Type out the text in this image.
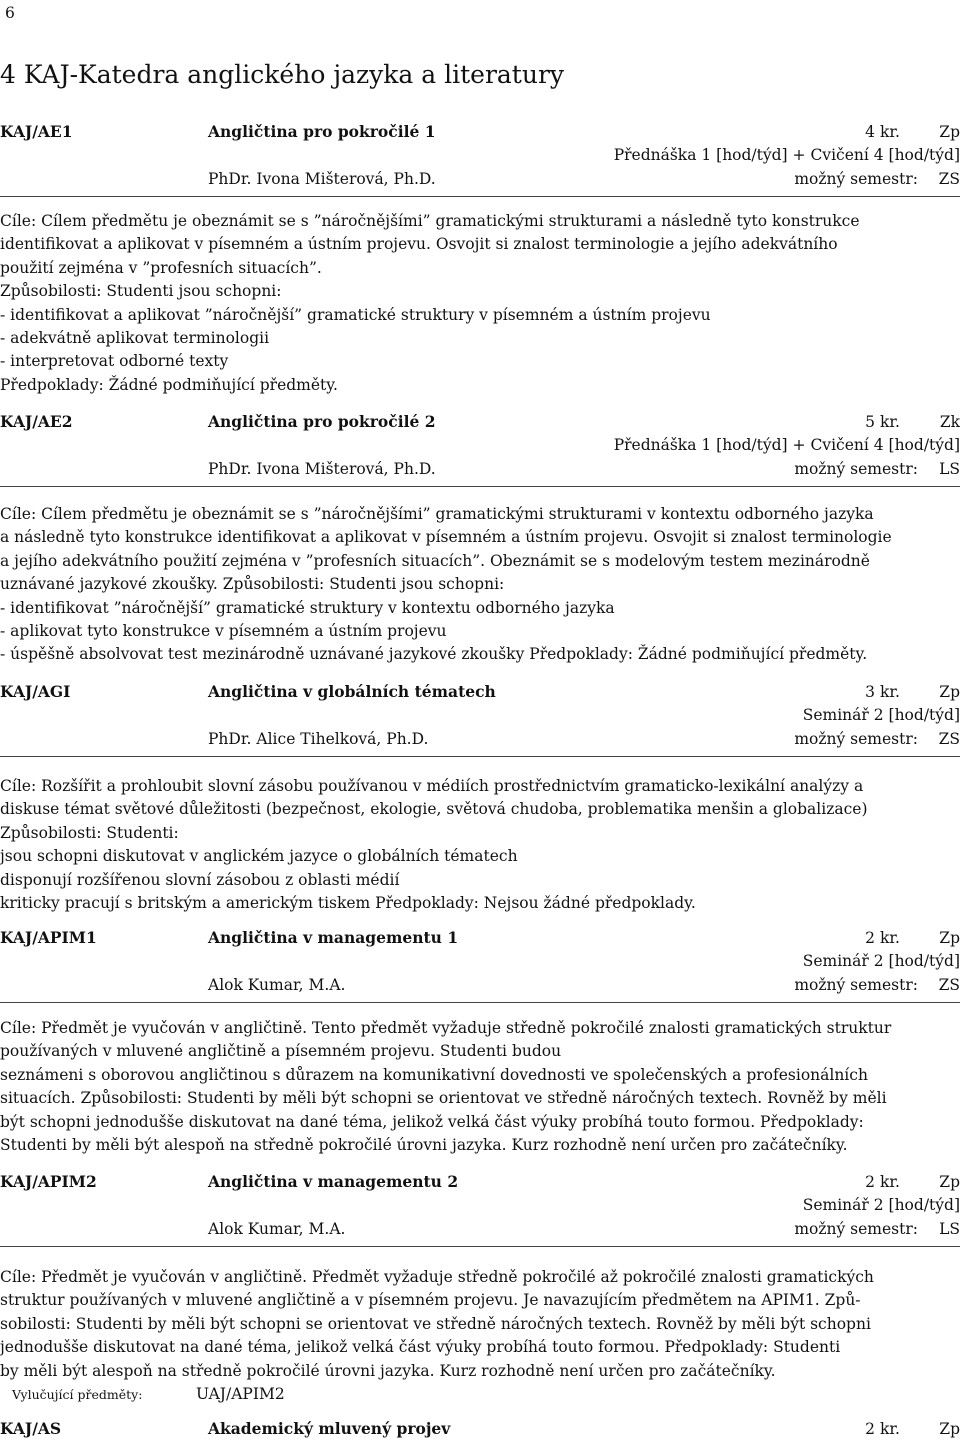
6
4 KAJ-Katedra anglického jazyka a literatury
KAJ/AE1	Angličtina pro pokročilé 1	4 kr.	Zp
Přednáška 1 [hod/týd] + Cvičení 4 [hod/týd]
PhDr. Ivona Mišterová, Ph.D.	možný semestr: ZS
Cíle: Cílem předmětu je obeznámit se s ”náročnějšími” gramatickými strukturami a následně tyto konstrukce
identifikovat a aplikovat v písemném a ústním projevu. Osvojit si znalost terminologie a jejího adekvátního
použití zejména v ”profesních situacích”.
Způsobilosti: Studenti jsou schopni:
- identifikovat a aplikovat ”náročnější” gramatické struktury v písemném a ústním projevu
- adekvátně aplikovat terminologii
- interpretovat odborné texty
Předpoklady: Žádné podmiňující předměty.
KAJ/AE2	Angličtina pro pokročilé 2	5 kr.	Zk
Přednáška 1 [hod/týd] + Cvičení 4 [hod/týd]
PhDr. Ivona Mišterová, Ph.D.	možný semestr: LS
Cíle: Cílem předmětu je obeznámit se s ”náročnějšími” gramatickými strukturami v kontextu odborného jazyka
a následně tyto konstrukce identifikovat a aplikovat v písemném a ústním projevu. Osvojit si znalost terminologie
a jejího adekvátního použití zejména v ”profesních situacích”. Obeznámit se s modelovým testem mezinárodně
uznávané jazykové zkoušky. Způsobilosti: Studenti jsou schopni:
- identifikovat ”náročnější” gramatické struktury v kontextu odborného jazyka
- aplikovat tyto konstrukce v písemném a ústním projevu
- úspěšně absolvovat test mezinárodně uznávané jazykové zkoušky Předpoklady: Žádné podmiňující předměty.
KAJ/AGI	Angličtina v globálních tématech	3 kr.	Zp
Seminář 2 [hod/týd]
PhDr. Alice Tihelková, Ph.D.	možný semestr: ZS
Cíle: Rozšířit a prohloubit slovní zásobu používanou v médiích prostřednictvím gramaticko-lexikální analýzy a
diskuse témat světové důležitosti (bezpečnost, ekologie, světová chudoba, problematika menšin a globalizace)
Způsobilosti: Studenti:
jsou schopni diskutovat v anglickém jazyce o globálních tématech
disponují rozšířenou slovní zásobou z oblasti médií
kriticky pracují s britským a americkým tiskem Předpoklady: Nejsou žádné předpoklady.
KAJ/APIM1	Angličtina v managementu 1	2 kr.	Zp
Seminář 2 [hod/týd]
Alok Kumar, M.A.	možný semestr: ZS
Cíle: Předmět je vyučován v angličtině. Tento předmět vyžaduje středně pokročilé znalosti gramatických struktur
používaných v mluvené angličtině a písemném projevu. Studenti budou
seznámeni s oborovou angličtinou s důrazem na komunikativní dovednosti ve společenských a profesionálních
situacích. Způsobilosti: Studenti by měli být schopni se orientovat ve středně náročných textech. Rovněž by měli
být schopni jednodušše diskutovat na dané téma, jelikož velká část výuky probíhá touto formou. Předpoklady:
Studenti by měli být alespoň na středně pokročilé úrovni jazyka. Kurz rozhodně není určen pro začátečníky.
KAJ/APIM2	Angličtina v managementu 2	2 kr.	Zp
Seminář 2 [hod/týd]
Alok Kumar, M.A.	možný semestr: LS
Cíle: Předmět je vyučován v angličtině. Předmět vyžaduje středně pokročilé až pokročilé znalosti gramatických
struktur používaných v mluvené angličtině a v písemném projevu. Je navazujícím předmětem na APIM1. Způ-
sobilosti: Studenti by měli být schopni se orientovat ve středně náročných textech. Rovněž by měli být schopni
jednodušše diskutovat na dané téma, jelikož velká část výuky probíhá touto formou. Předpoklady: Studenti
by měli být alespoň na středně pokročilé úrovni jazyka. Kurz rozhodně není určen pro začátečníky.
Vylučující předměty:	UAJ/APIM2
KAJ/AS	Akademický mluvený projev	2 kr.	Zp
